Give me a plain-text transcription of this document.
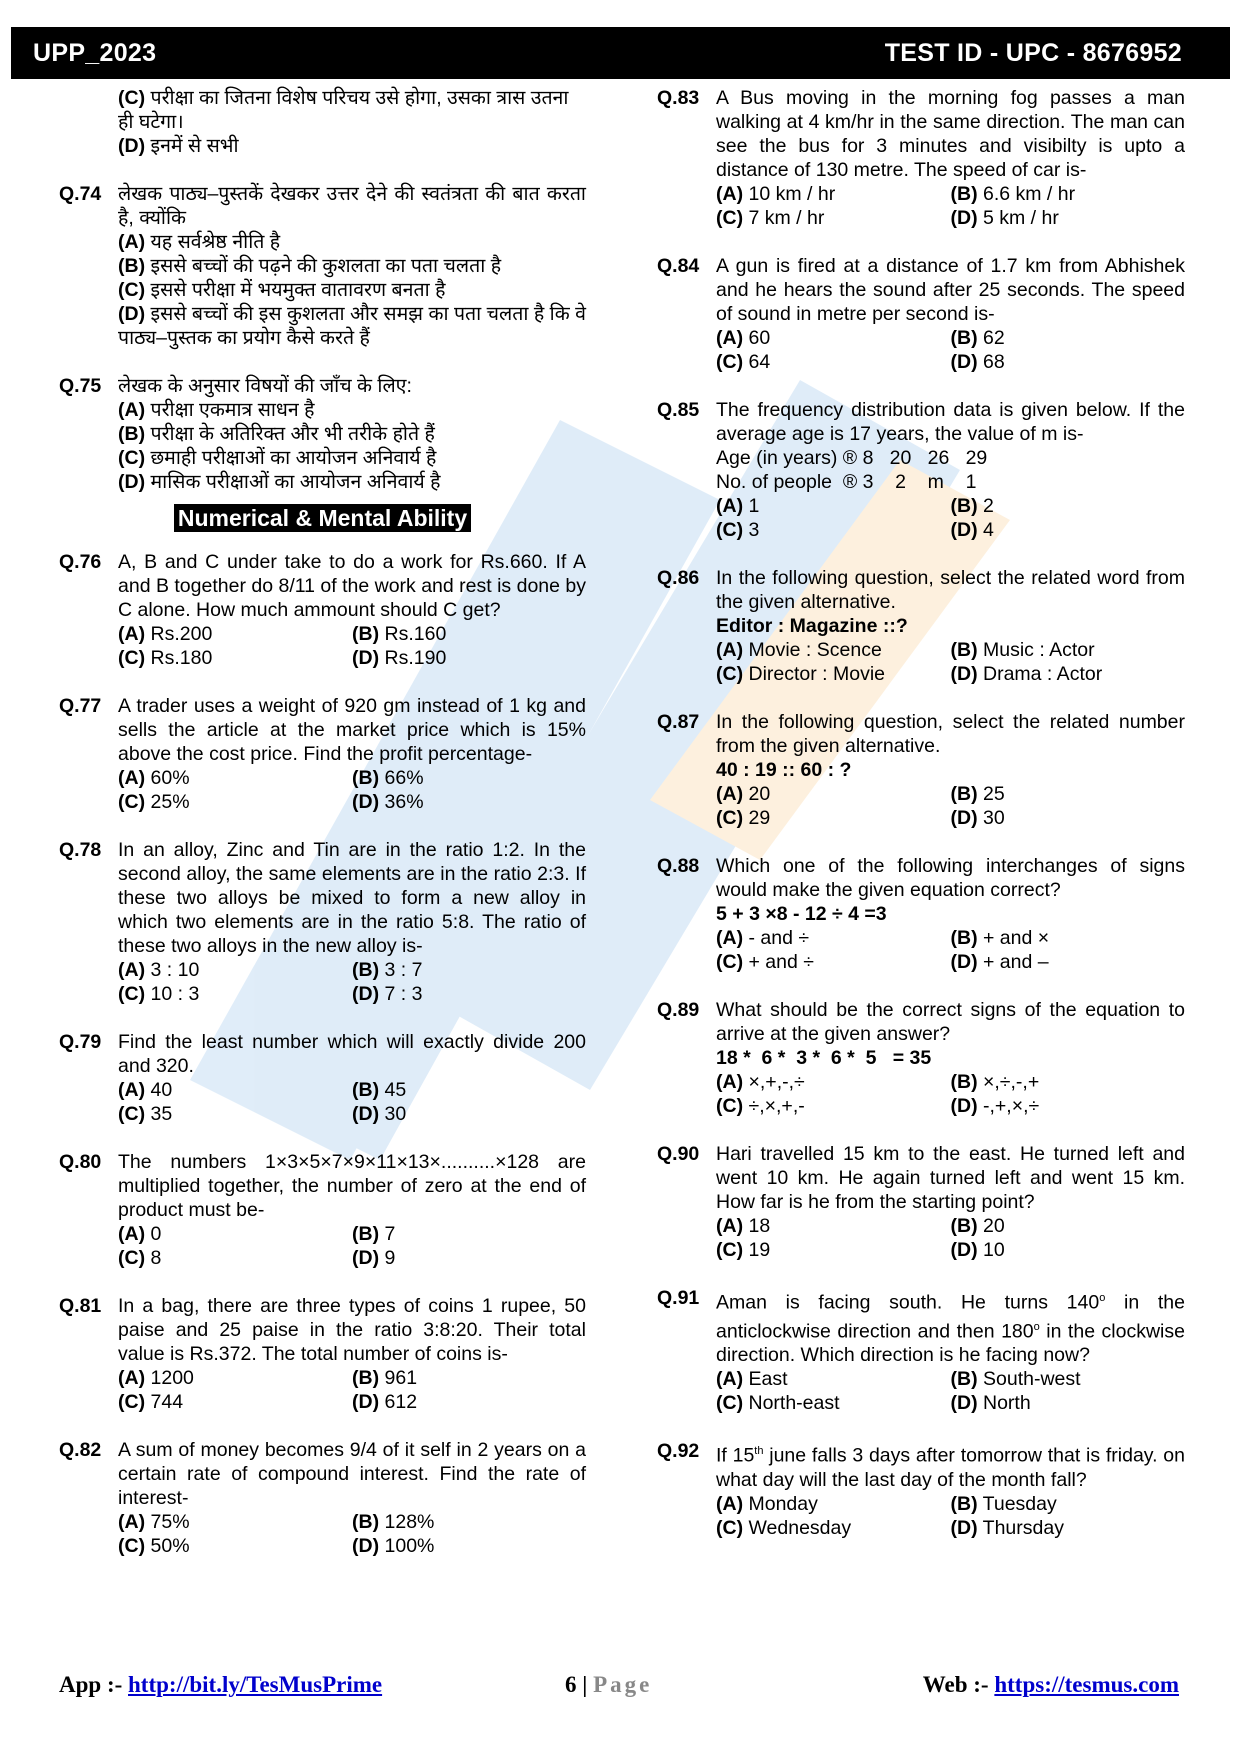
UPP_2023	TEST ID - UPC - 8676952
(C) परीक्षा का जितना विशेष परिचय उसे होगा, उसका त्रास उतना ही घटेगा।
(D) इनमें से सभी
Q.74 लेखक पाठ्य–पुस्तकें देखकर उत्तर देने की स्वतंत्रता की बात करता है, क्योंकि
(A) यह सर्वश्रेष्ठ नीति है
(B) इससे बच्चों की पढ़ने की कुशलता का पता चलता है
(C) इससे परीक्षा में भयमुक्त वातावरण बनता है
(D) इससे बच्चों की इस कुशलता और समझ का पता चलता है कि वे पाठ्य–पुस्तक का प्रयोग कैसे करते हैं
Q.75 लेखक के अनुसार विषयों की जाँच के लिए:
(A) परीक्षा एकमात्र साधन है
(B) परीक्षा के अतिरिक्त और भी तरीके होते हैं
(C) छमाही परीक्षाओं का आयोजन अनिवार्य है
(D) मासिक परीक्षाओं का आयोजन अनिवार्य है
Numerical & Mental Ability
Q.76 A, B and C under take to do a work for Rs.660. If A and B together do 8/11 of the work and rest is done by C alone. How much ammount should C get?
(A) Rs.200	(B) Rs.160
(C) Rs.180	(D) Rs.190
Q.77 A trader uses a weight of 920 gm instead of 1 kg and sells the article at the market price which is 15% above the cost price. Find the profit percentage-
(A) 60%	(B) 66%
(C) 25%	(D) 36%
Q.78 In an alloy, Zinc and Tin are in the ratio 1:2. In the second alloy, the same elements are in the ratio 2:3. If these two alloys be mixed to form a new alloy in which two elements are in the ratio 5:8. The ratio of these two alloys in the new alloy is-
(A) 3 : 10	(B) 3 : 7
(C) 10 : 3	(D) 7 : 3
Q.79 Find the least number which will exactly divide 200 and 320.
(A) 40	(B) 45
(C) 35	(D) 30
Q.80 The numbers 1×3×5×7×9×11×13×..........×128 are multiplied together, the number of zero at the end of product must be-
(A) 0	(B) 7
(C) 8	(D) 9
Q.81 In a bag, there are three types of coins 1 rupee, 50 paise and 25 paise in the ratio 3:8:20. Their total value is Rs.372. The total number of coins is-
(A) 1200	(B) 961
(C) 744	(D) 612
Q.82 A sum of money becomes 9/4 of it self in 2 years on a certain rate of compound interest. Find the rate of interest-
(A) 75%	(B) 128%
(C) 50%	(D) 100%
Q.83 A Bus moving in the morning fog passes a man walking at 4 km/hr in the same direction. The man can see the bus for 3 minutes and visibilty is upto a distance of 130 metre. The speed of car is-
(A) 10 km / hr	(B) 6.6 km / hr
(C) 7 km / hr	(D) 5 km / hr
Q.84 A gun is fired at a distance of 1.7 km from Abhishek and he hears the sound after 25 seconds. The speed of sound in metre per second is-
(A) 60	(B) 62
(C) 64	(D) 68
Q.85 The frequency distribution data is given below. If the average age is 17 years, the value of m is-
Age (in years) ® 8   20   26   29
No. of people  ® 3    2    m    1
(A) 1	(B) 2
(C) 3	(D) 4
Q.86 In the following question, select the related word from the given alternative.
Editor : Magazine ::?
(A) Movie : Scence	(B) Music : Actor
(C) Director : Movie	(D) Drama : Actor
Q.87 In the following question, select the related number from the given alternative.
40 : 19 :: 60 : ?
(A) 20	(B) 25
(C) 29	(D) 30
Q.88 Which one of the following interchanges of signs would make the given equation correct?
5 + 3 ×8 - 12 ÷ 4 =3
(A) - and ÷	(B) + and ×
(C) + and ÷	(D) + and –
Q.89 What should be the correct signs of the equation to arrive at the given answer?
18 *  6 *  3 *  6 *  5   = 35
(A) ×,+,-,÷	(B) ×,÷,-,+
(C) ÷,×,+,-	(D) -,+,×,÷
Q.90 Hari travelled 15 km to the east. He turned left and went 10 km. He again turned left and went 15 km. How far is he from the starting point?
(A) 18	(B) 20
(C) 19	(D) 10
Q.91 Aman is facing south. He turns 140$^o$ in the anticlockwise direction and then 180$^o$ in the clockwise direction. Which direction is he facing now?
(A) East	(B) South-west
(C) North-east	(D) North
Q.92 If 15th june falls 3 days after tomorrow that is friday. on what day will the last day of the month fall?
(A) Monday	(B) Tuesday
(C) Wednesday	(D) Thursday
App :- http://bit.ly/TesMusPrime	6 | Page	Web :- https://tesmus.com
